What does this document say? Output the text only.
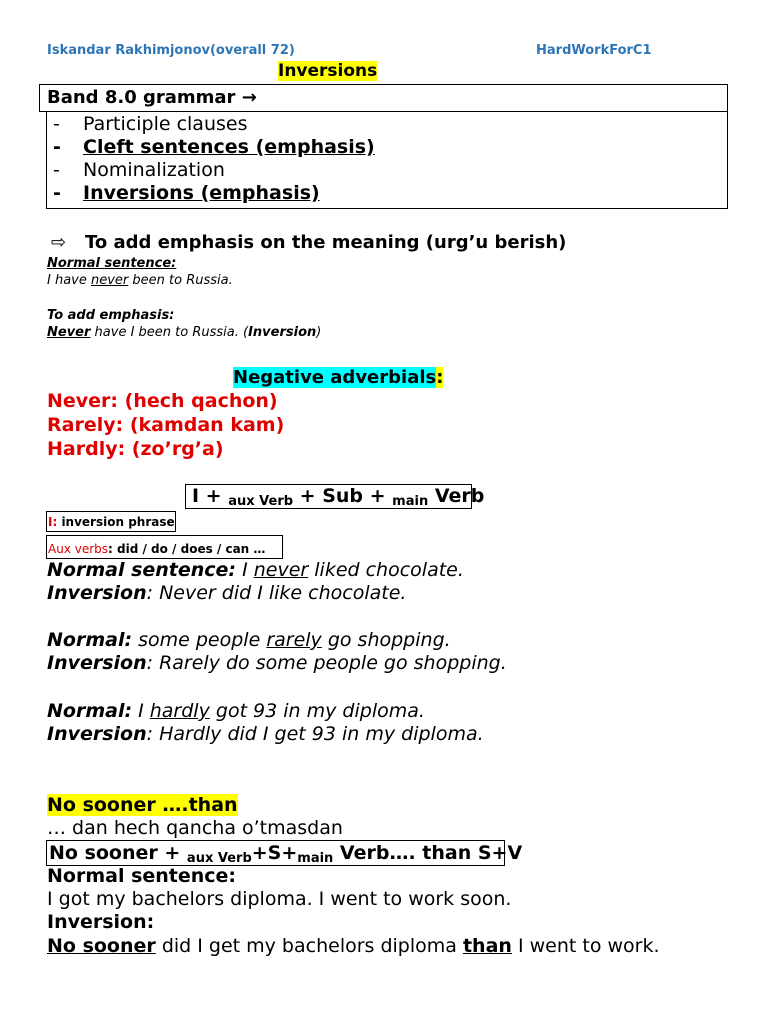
Iskandar Rakhimjonov(overall 72)	HardWorkForC1
Inversions
Band 8.0 grammar →
- Participle clauses
- Cleft sentences (emphasis)
- Nominalization
- Inversions (emphasis)
⇨ To add emphasis on the meaning (urg’u berish)
Normal sentence:
I have never been to Russia.
To add emphasis:
Never have I been to Russia. (Inversion)
Negative adverbials:
Never: (hech qachon)
Rarely: (kamdan kam)
Hardly: (zo’rg’a)
I + $_{aux Verb}$ + Sub + $_{main}$ Verb
I: inversion phrase
Aux verbs: did / do / does / can …
Normal sentence: I never liked chocolate.
Inversion: Never did I like chocolate.
Normal: some people rarely go shopping.
Inversion: Rarely do some people go shopping.
Normal: I hardly got 93 in my diploma.
Inversion: Hardly did I get 93 in my diploma.
No sooner ….than
… dan hech qancha o’tmasdan
No sooner + $_{aux Verb}+S+_{main}$ Verb…. than S+V
Normal sentence:
I got my bachelors diploma. I went to work soon.
Inversion:
No sooner did I get my bachelors diploma than I went to work.
